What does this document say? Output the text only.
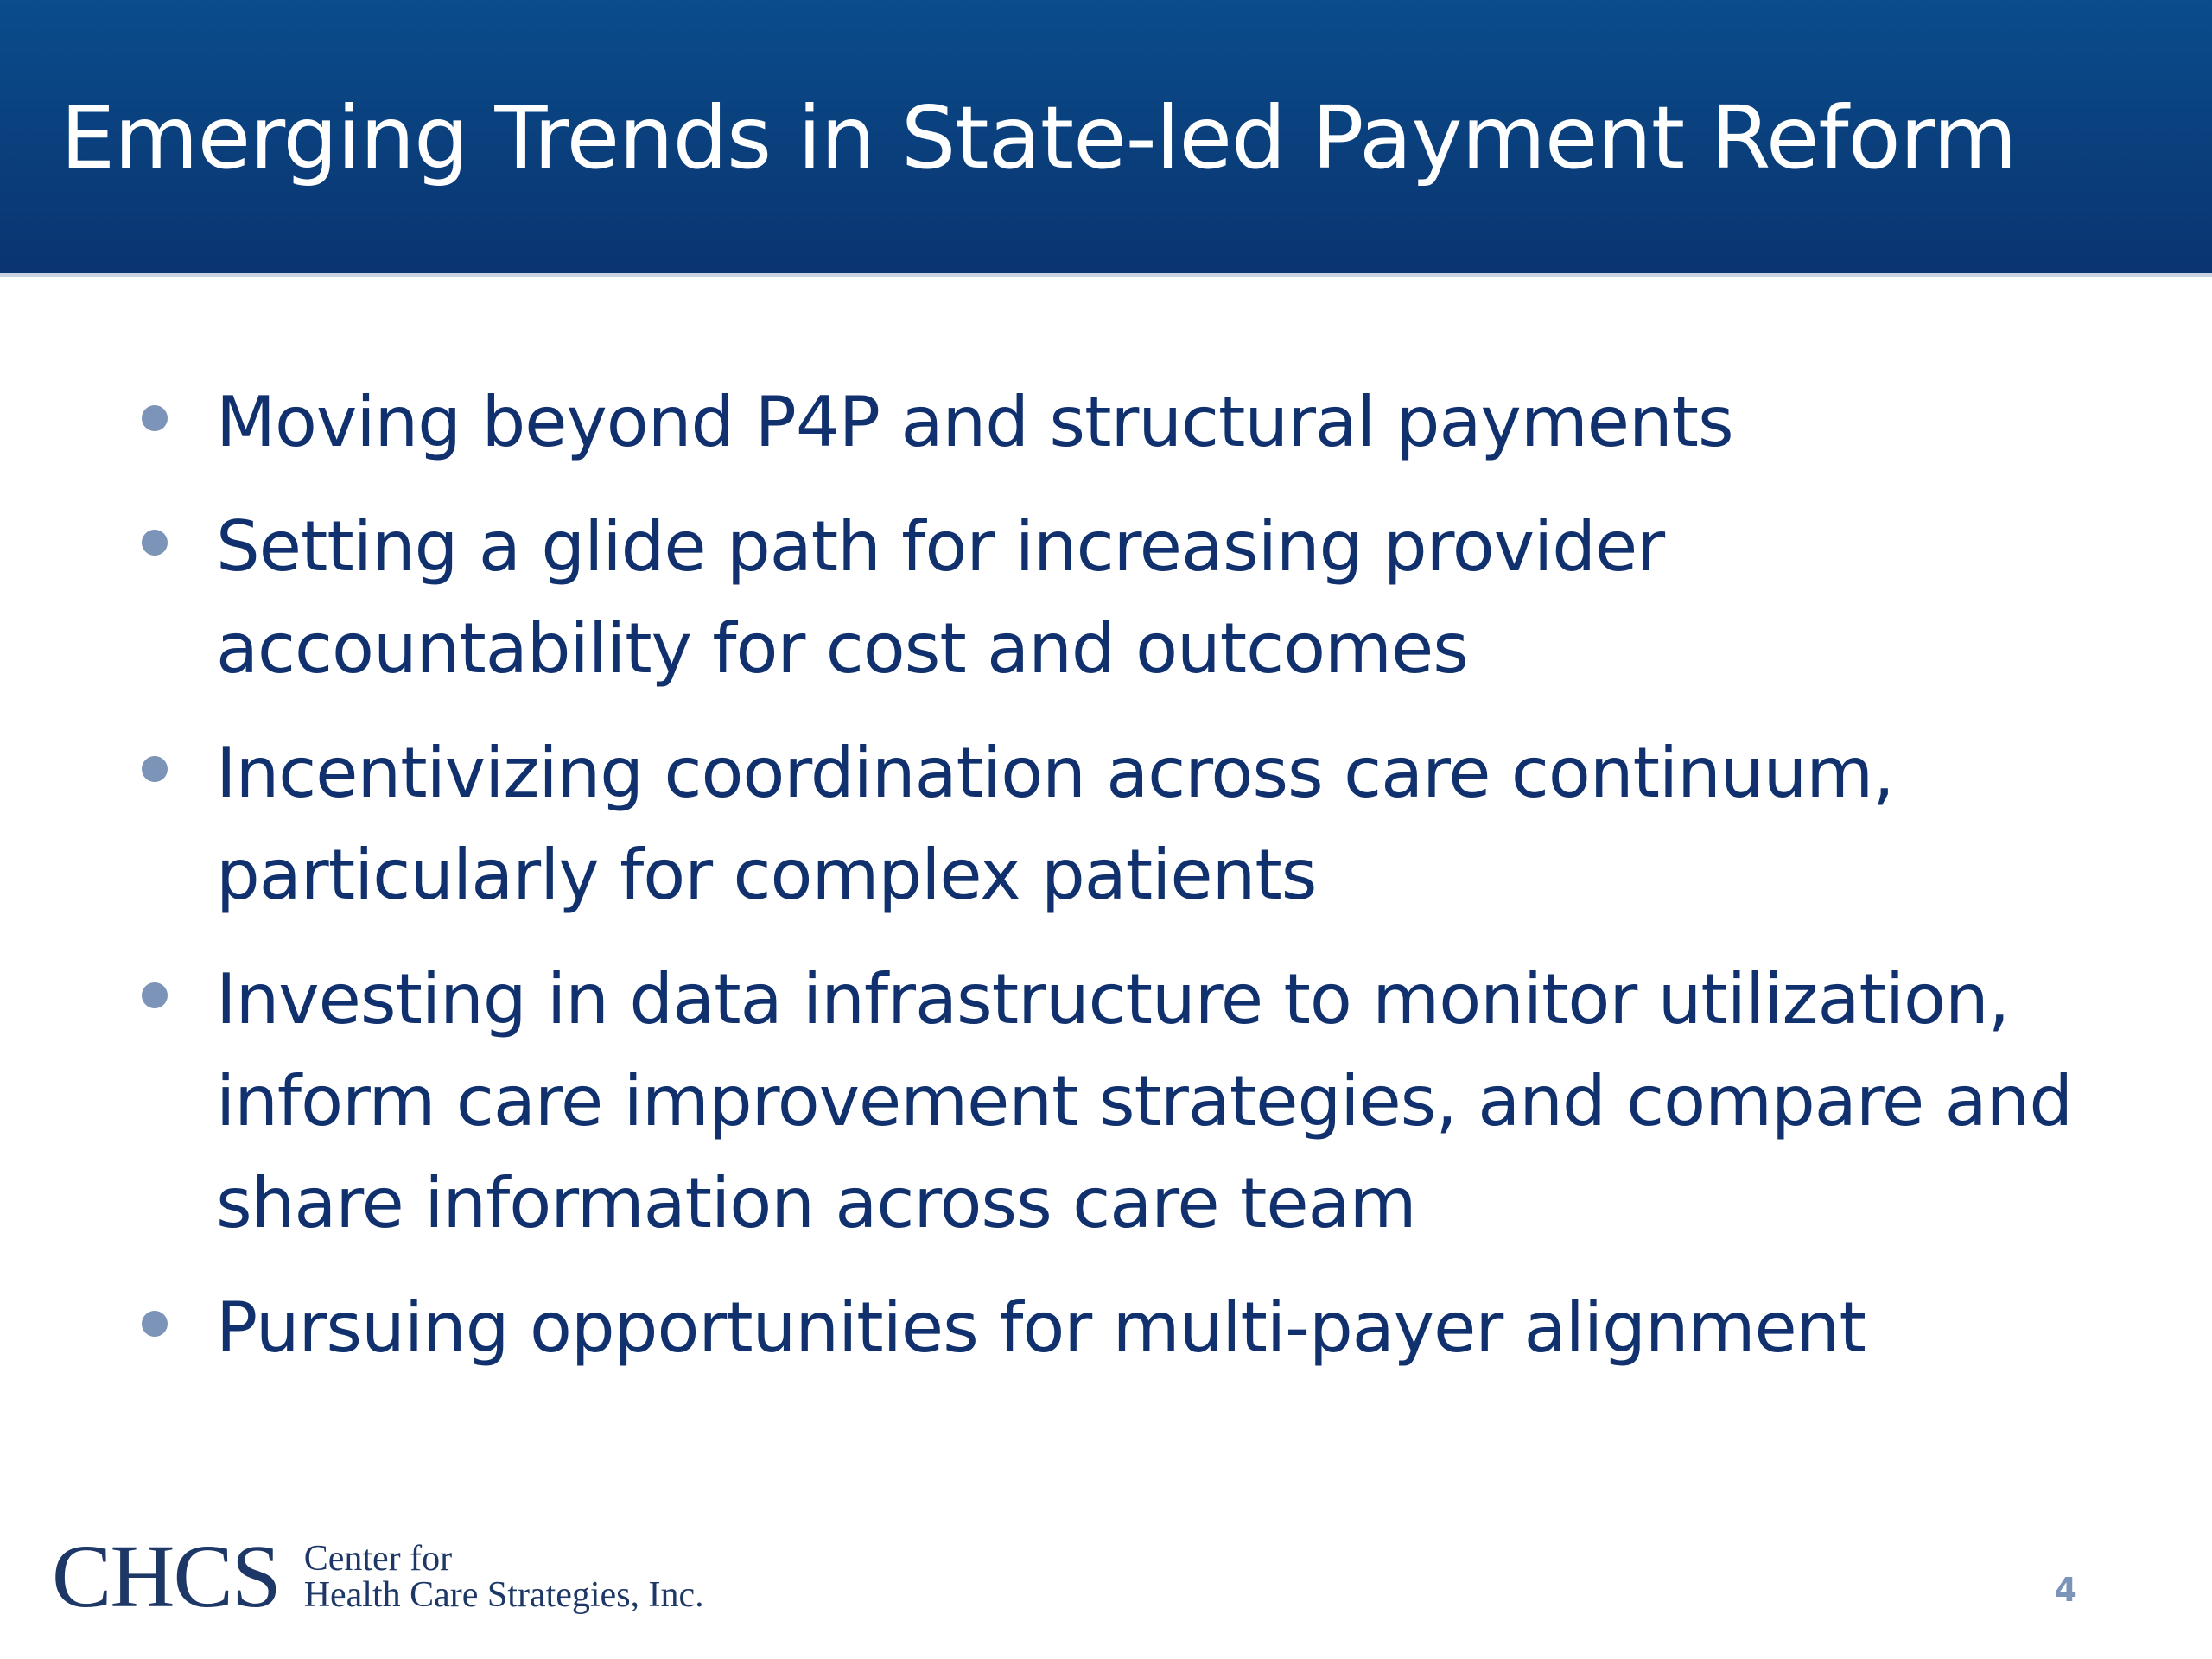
Emerging Trends in State-led Payment Reform
Moving beyond P4P and structural payments
Setting a glide path for increasing provider accountability for cost and outcomes
Incentivizing coordination across care continuum, particularly for complex patients
Investing in data infrastructure to monitor utilization, inform care improvement strategies, and compare and share information across care team
Pursuing opportunities for multi-payer alignment
CHCS Center for
Health Care Strategies, Inc.	4
